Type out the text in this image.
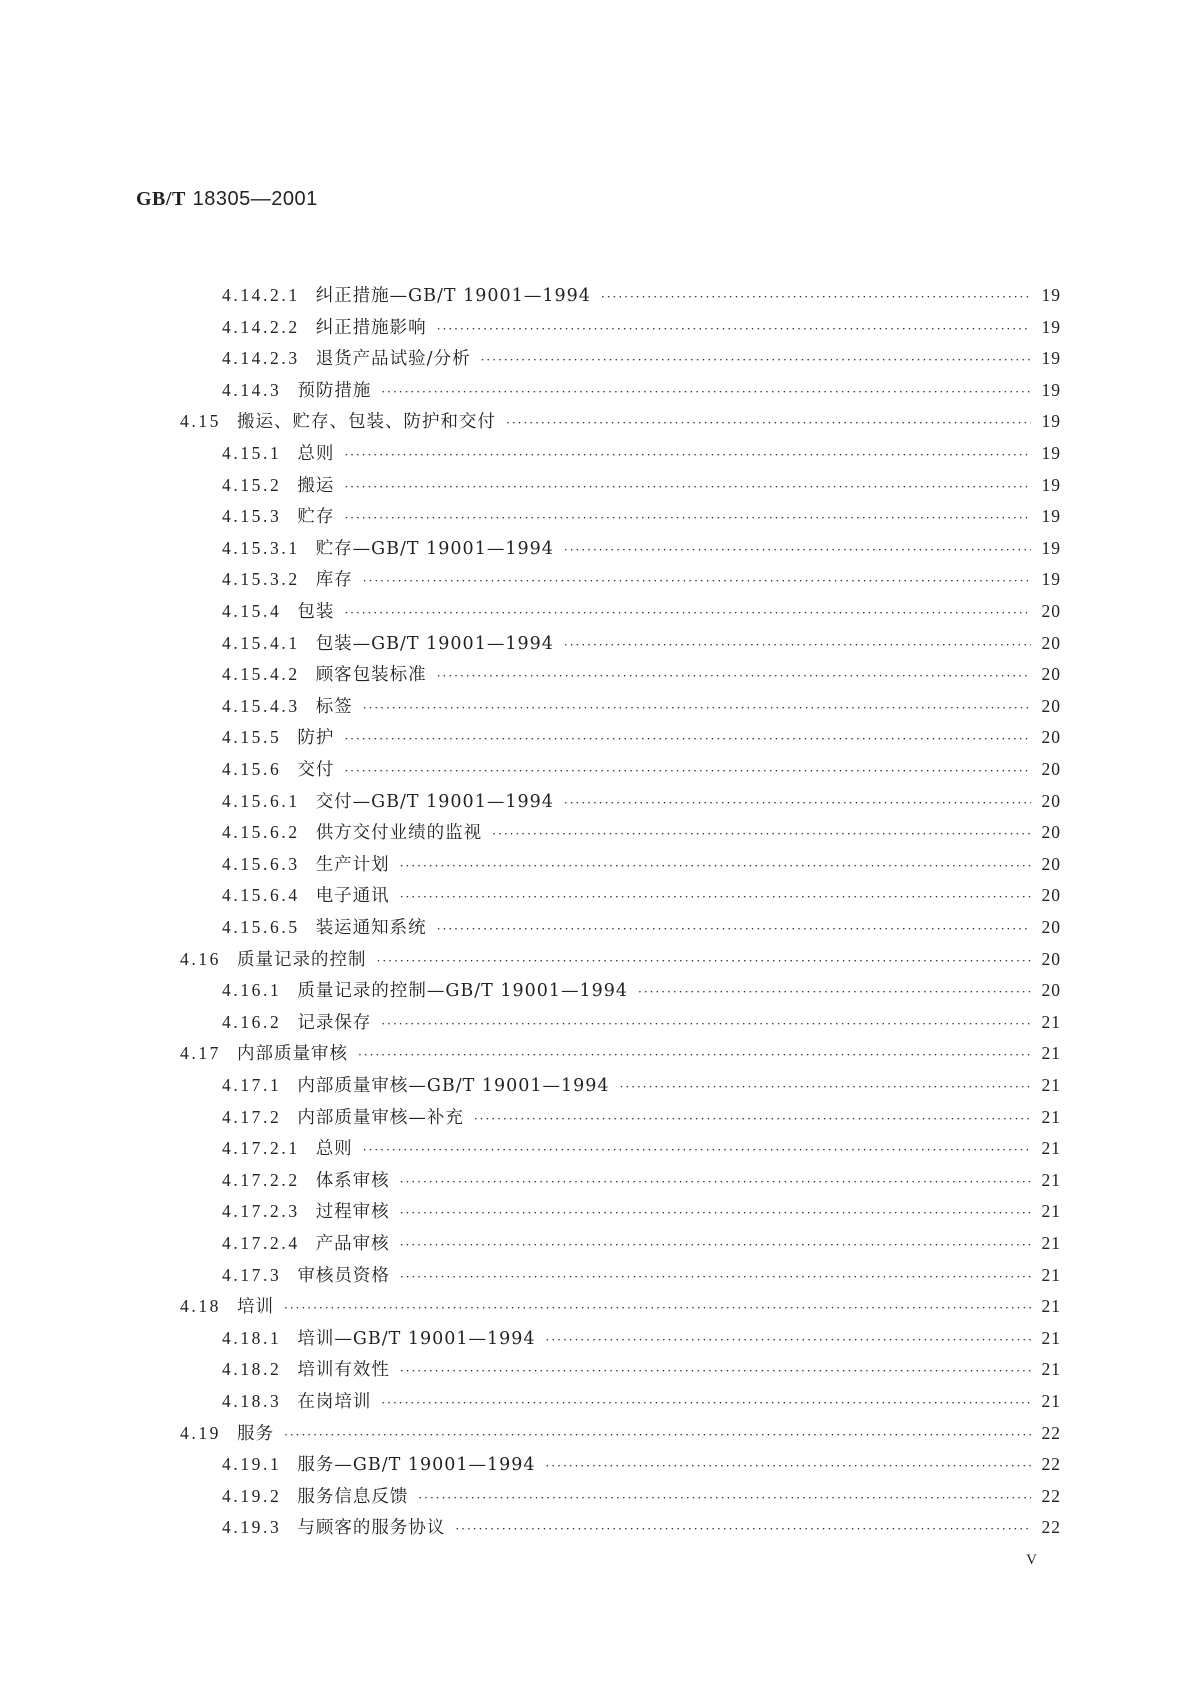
GB/T 18305—2001
4.14.2.1 纠正措施—GB/T 19001—1994 ·····	19
4.14.2.2 纠正措施影响 ·····	19
4.14.2.3 退货产品试验/分析 ·····	19
4.14.3 预防措施 ·····	19
4.15 搬运、贮存、包装、防护和交付 ·····	19
4.15.1 总则 ·····	19
4.15.2 搬运 ·····	19
4.15.3 贮存 ·····	19
4.15.3.1 贮存—GB/T 19001—1994 ·····	19
4.15.3.2 库存 ·····	19
4.15.4 包装 ·····	20
4.15.4.1 包装—GB/T 19001—1994 ·····	20
4.15.4.2 顾客包装标准 ·····	20
4.15.4.3 标签 ·····	20
4.15.5 防护 ·····	20
4.15.6 交付 ·····	20
4.15.6.1 交付—GB/T 19001—1994 ·····	20
4.15.6.2 供方交付业绩的监视 ·····	20
4.15.6.3 生产计划 ·····	20
4.15.6.4 电子通讯 ·····	20
4.15.6.5 装运通知系统 ·····	20
4.16 质量记录的控制 ·····	20
4.16.1 质量记录的控制—GB/T 19001—1994 ·····	20
4.16.2 记录保存 ·····	21
4.17 内部质量审核 ·····	21
4.17.1 内部质量审核—GB/T 19001—1994 ·····	21
4.17.2 内部质量审核—补充 ·····	21
4.17.2.1 总则 ·····	21
4.17.2.2 体系审核 ·····	21
4.17.2.3 过程审核 ·····	21
4.17.2.4 产品审核 ·····	21
4.17.3 审核员资格 ·····	21
4.18 培训 ·····	21
4.18.1 培训—GB/T 19001—1994 ·····	21
4.18.2 培训有效性 ·····	21
4.18.3 在岗培训 ·····	21
4.19 服务 ·····	22
4.19.1 服务—GB/T 19001—1994 ·····	22
4.19.2 服务信息反馈 ·····	22
4.19.3 与顾客的服务协议 ·····	22
V
